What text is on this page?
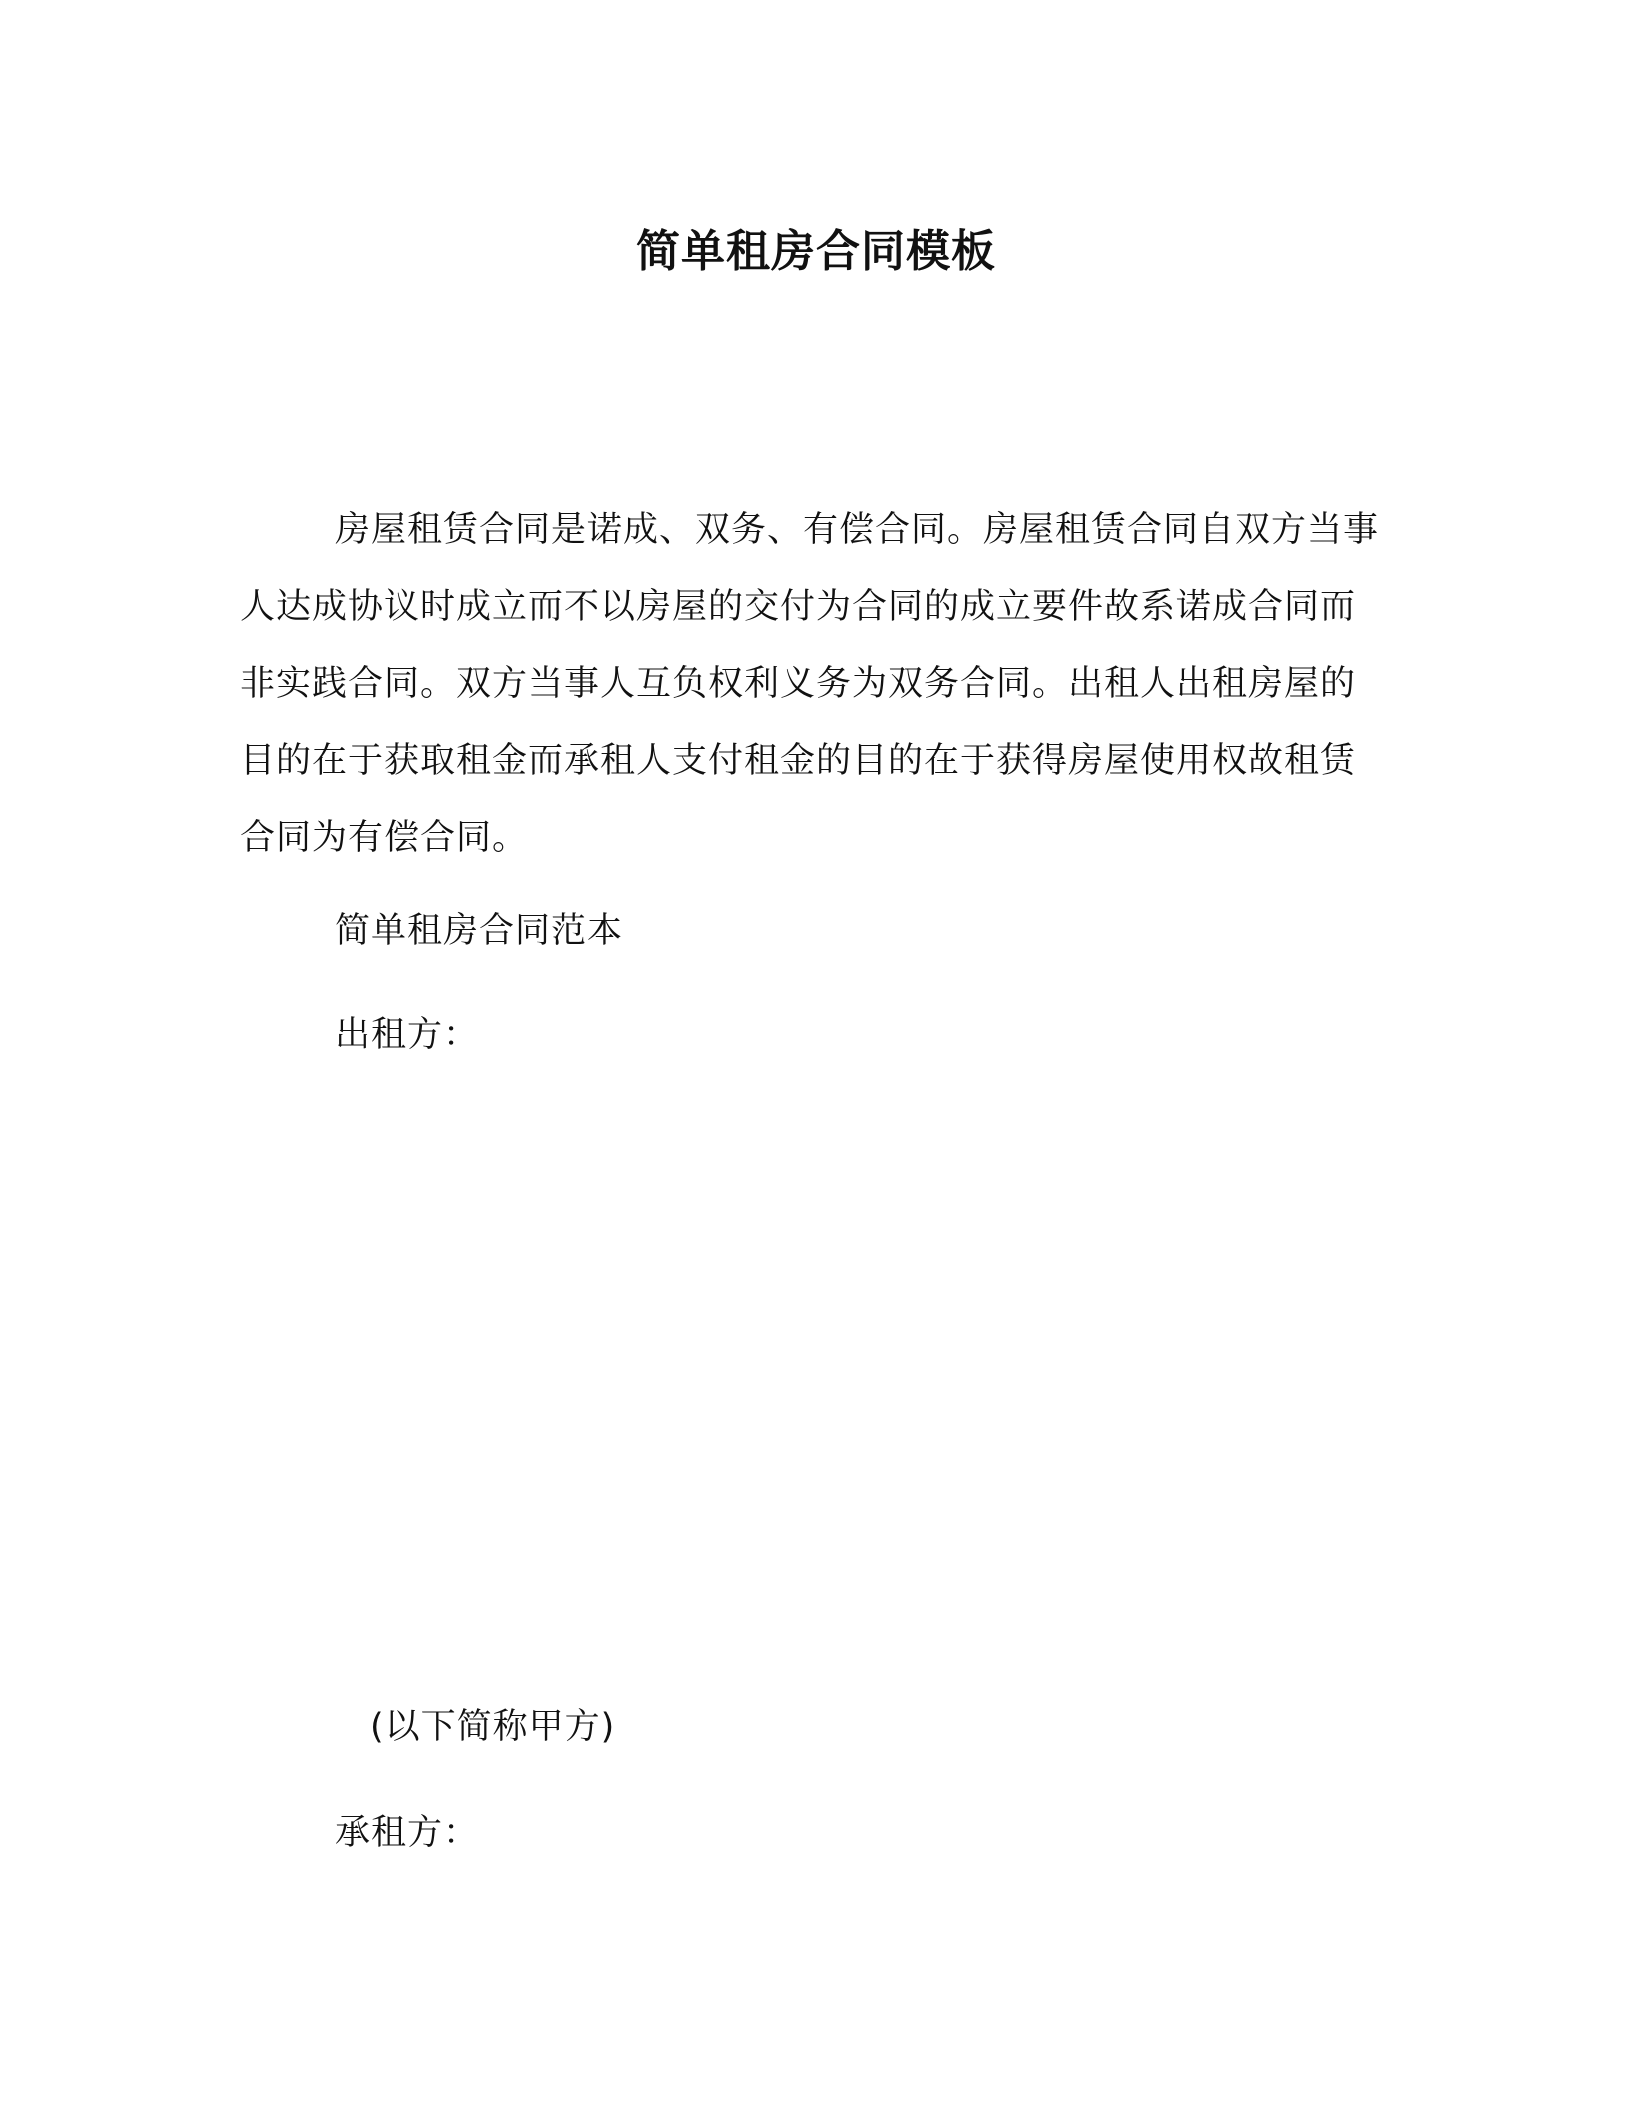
简单租房合同模板

房屋租赁合同是诺成、双务、有偿合同。房屋租赁合同自双方当事人达成协议时成立而不以房屋的交付为合同的成立要件故系诺成合同而非实践合同。双方当事人互负权利义务为双务合同。出租人出租房屋的目的在于获取租金而承租人支付租金的目的在于获得房屋使用权故租赁合同为有偿合同。

简单租房合同范本
出租方：
(以下简称甲方)
承租方：
